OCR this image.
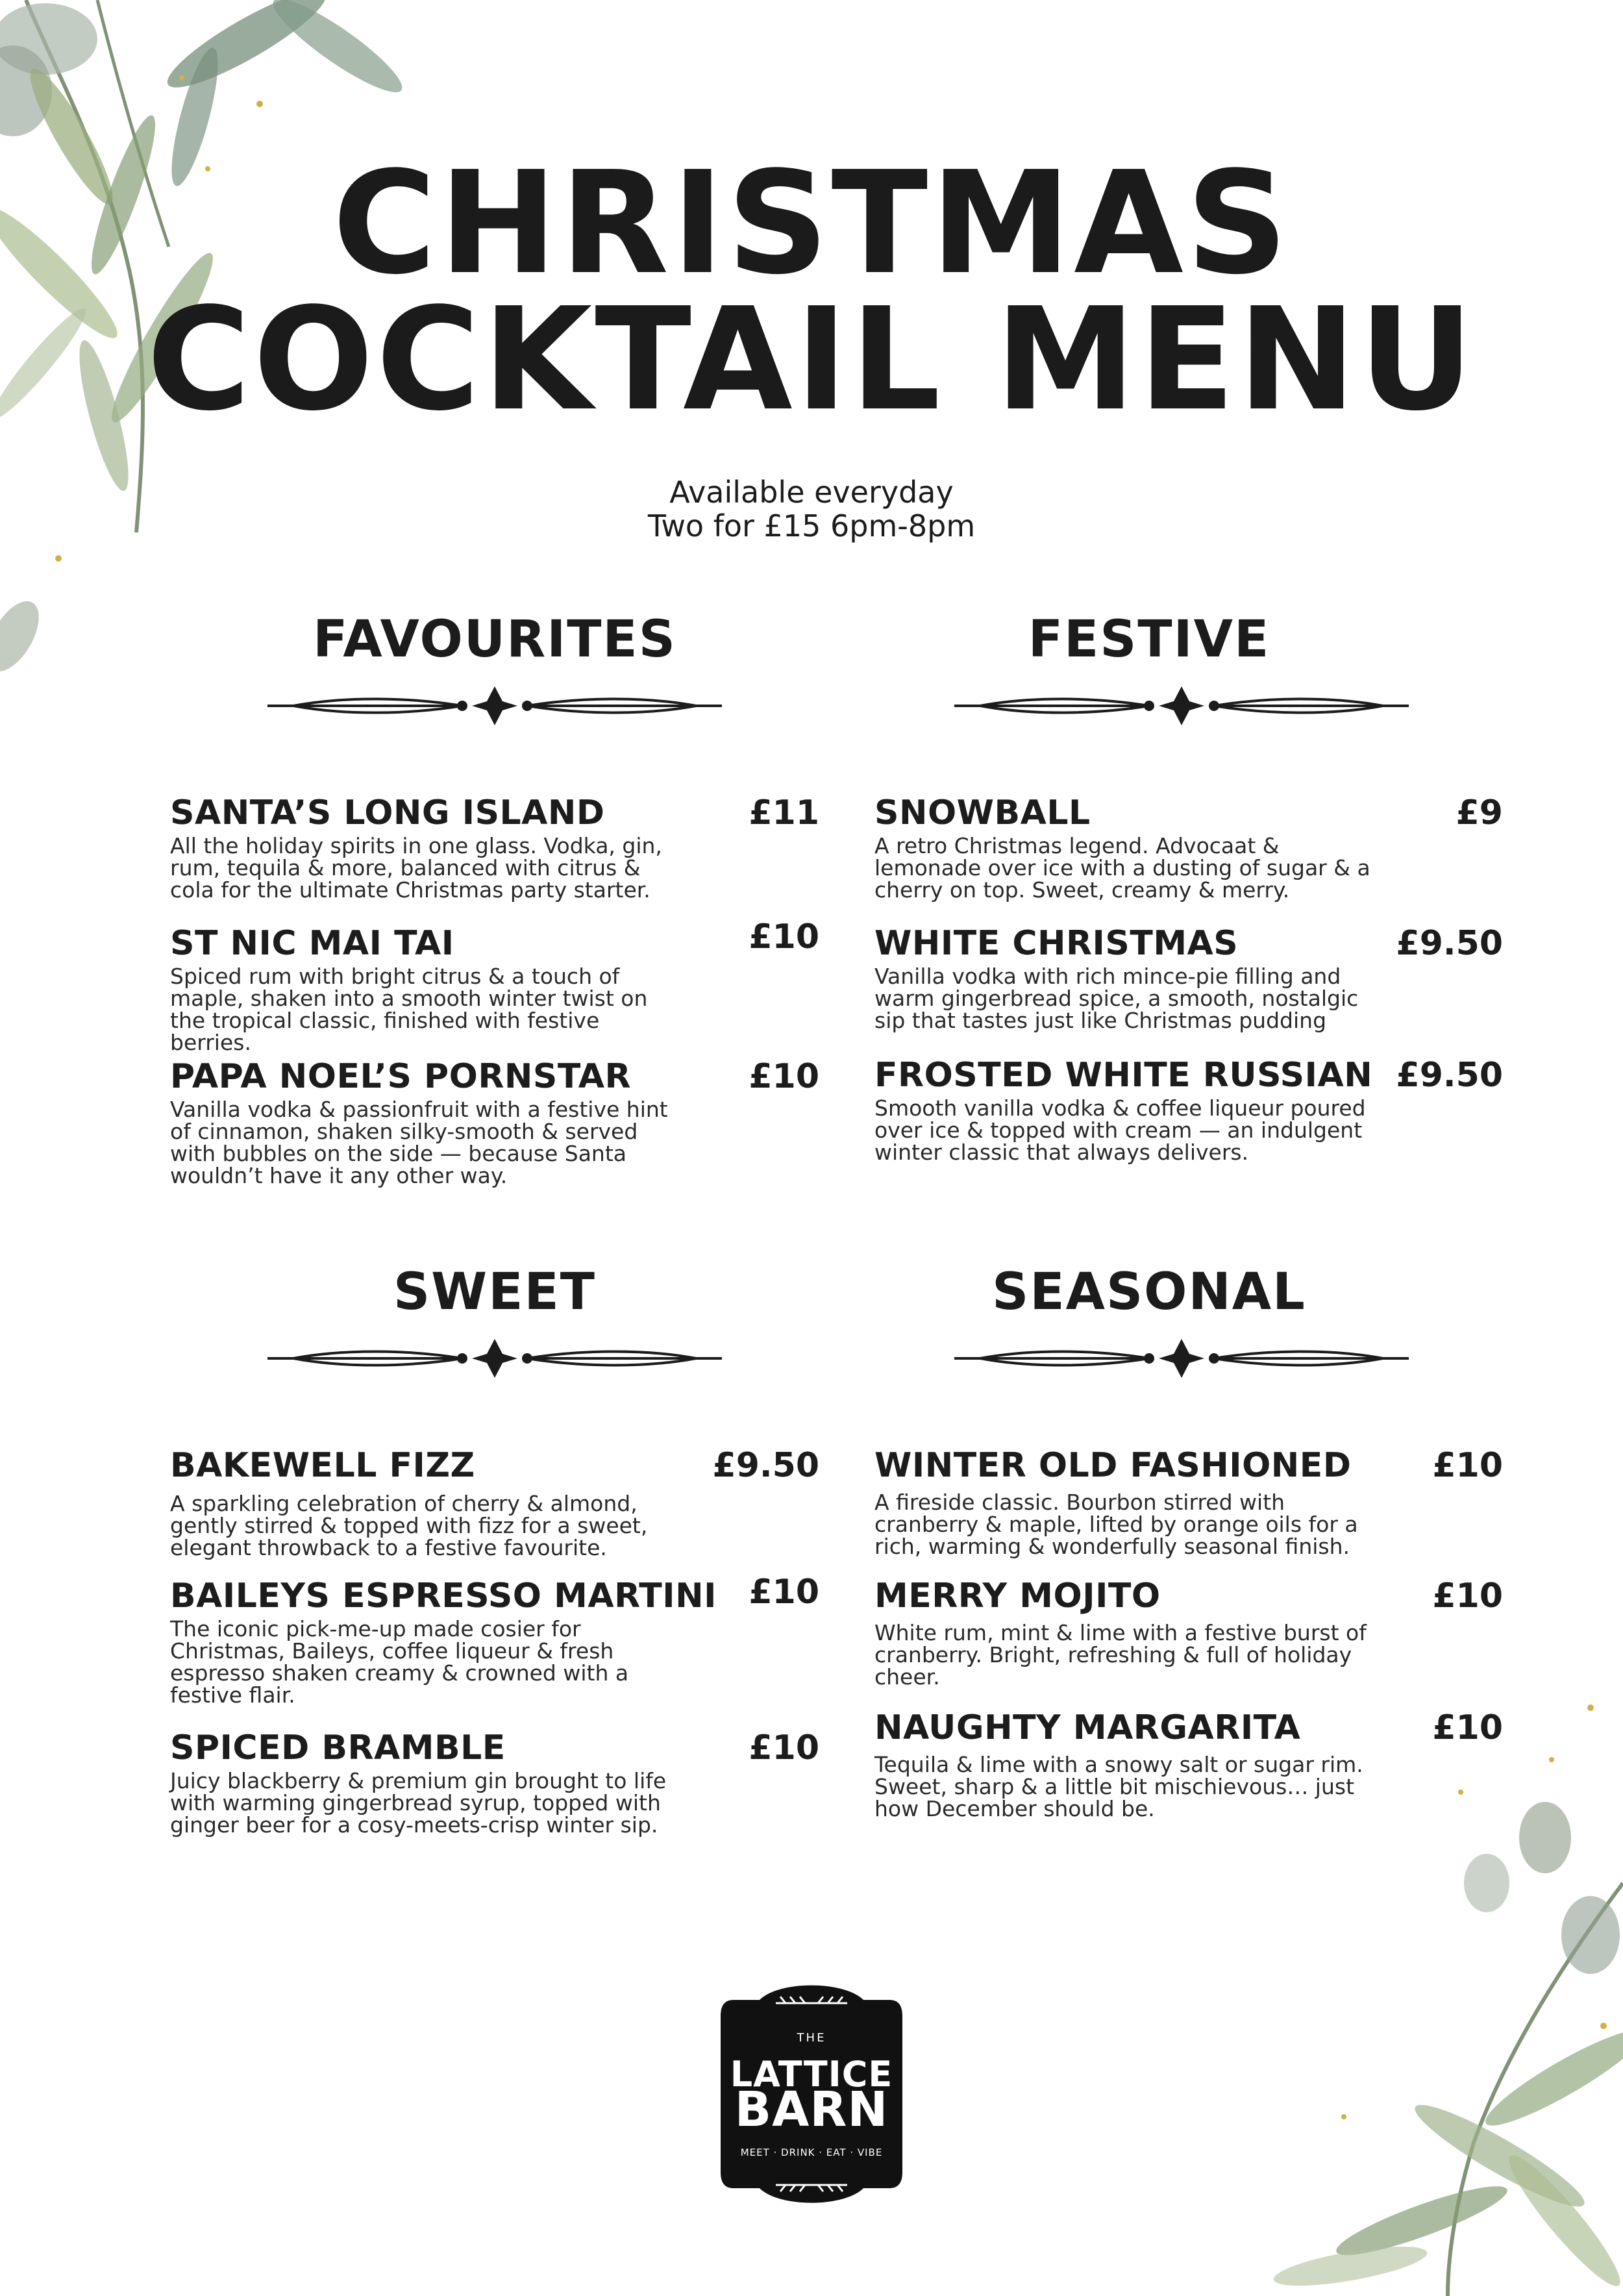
CHRISTMAS
COCKTAIL MENU
Available everyday
Two for £15 6pm-8pm
FAVOURITES
SANTA’S LONG ISLAND	£11
All the holiday spirits in one glass. Vodka, gin, rum, tequila & more, balanced with citrus & cola for the ultimate Christmas party starter.
ST NIC MAI TAI	£10
Spiced rum with bright citrus & a touch of maple, shaken into a smooth winter twist on the tropical classic, finished with festive berries.
PAPA NOEL’S PORNSTAR	£10
Vanilla vodka & passionfruit with a festive hint of cinnamon, shaken silky-smooth & served with bubbles on the side — because Santa wouldn’t have it any other way.
FESTIVE
SNOWBALL	£9
A retro Christmas legend. Advocaat & lemonade over ice with a dusting of sugar & a cherry on top. Sweet, creamy & merry.
WHITE CHRISTMAS	£9.50
Vanilla vodka with rich mince-pie filling and warm gingerbread spice, a smooth, nostalgic sip that tastes just like Christmas pudding
FROSTED WHITE RUSSIAN £9.50
Smooth vanilla vodka & coffee liqueur poured over ice & topped with cream — an indulgent winter classic that always delivers.
SWEET
BAKEWELL FIZZ	£9.50
A sparkling celebration of cherry & almond, gently stirred & topped with fizz for a sweet, elegant throwback to a festive favourite.
BAILEYS ESPRESSO MARTINI £10
The iconic pick-me-up made cosier for Christmas, Baileys, coffee liqueur & fresh espresso shaken creamy & crowned with a festive flair.
SPICED BRAMBLE	£10
Juicy blackberry & premium gin brought to life with warming gingerbread syrup, topped with ginger beer for a cosy-meets-crisp winter sip.
SEASONAL
WINTER OLD FASHIONED £10
A fireside classic. Bourbon stirred with cranberry & maple, lifted by orange oils for a rich, warming & wonderfully seasonal finish.
MERRY MOJITO	£10
White rum, mint & lime with a festive burst of cranberry. Bright, refreshing & full of holiday cheer.
NAUGHTY MARGARITA	£10
Tequila & lime with a snowy salt or sugar rim. Sweet, sharp & a little bit mischievous… just how December should be.
THE
LATTICE
BARN
MEET · DRINK · EAT · VIBE
